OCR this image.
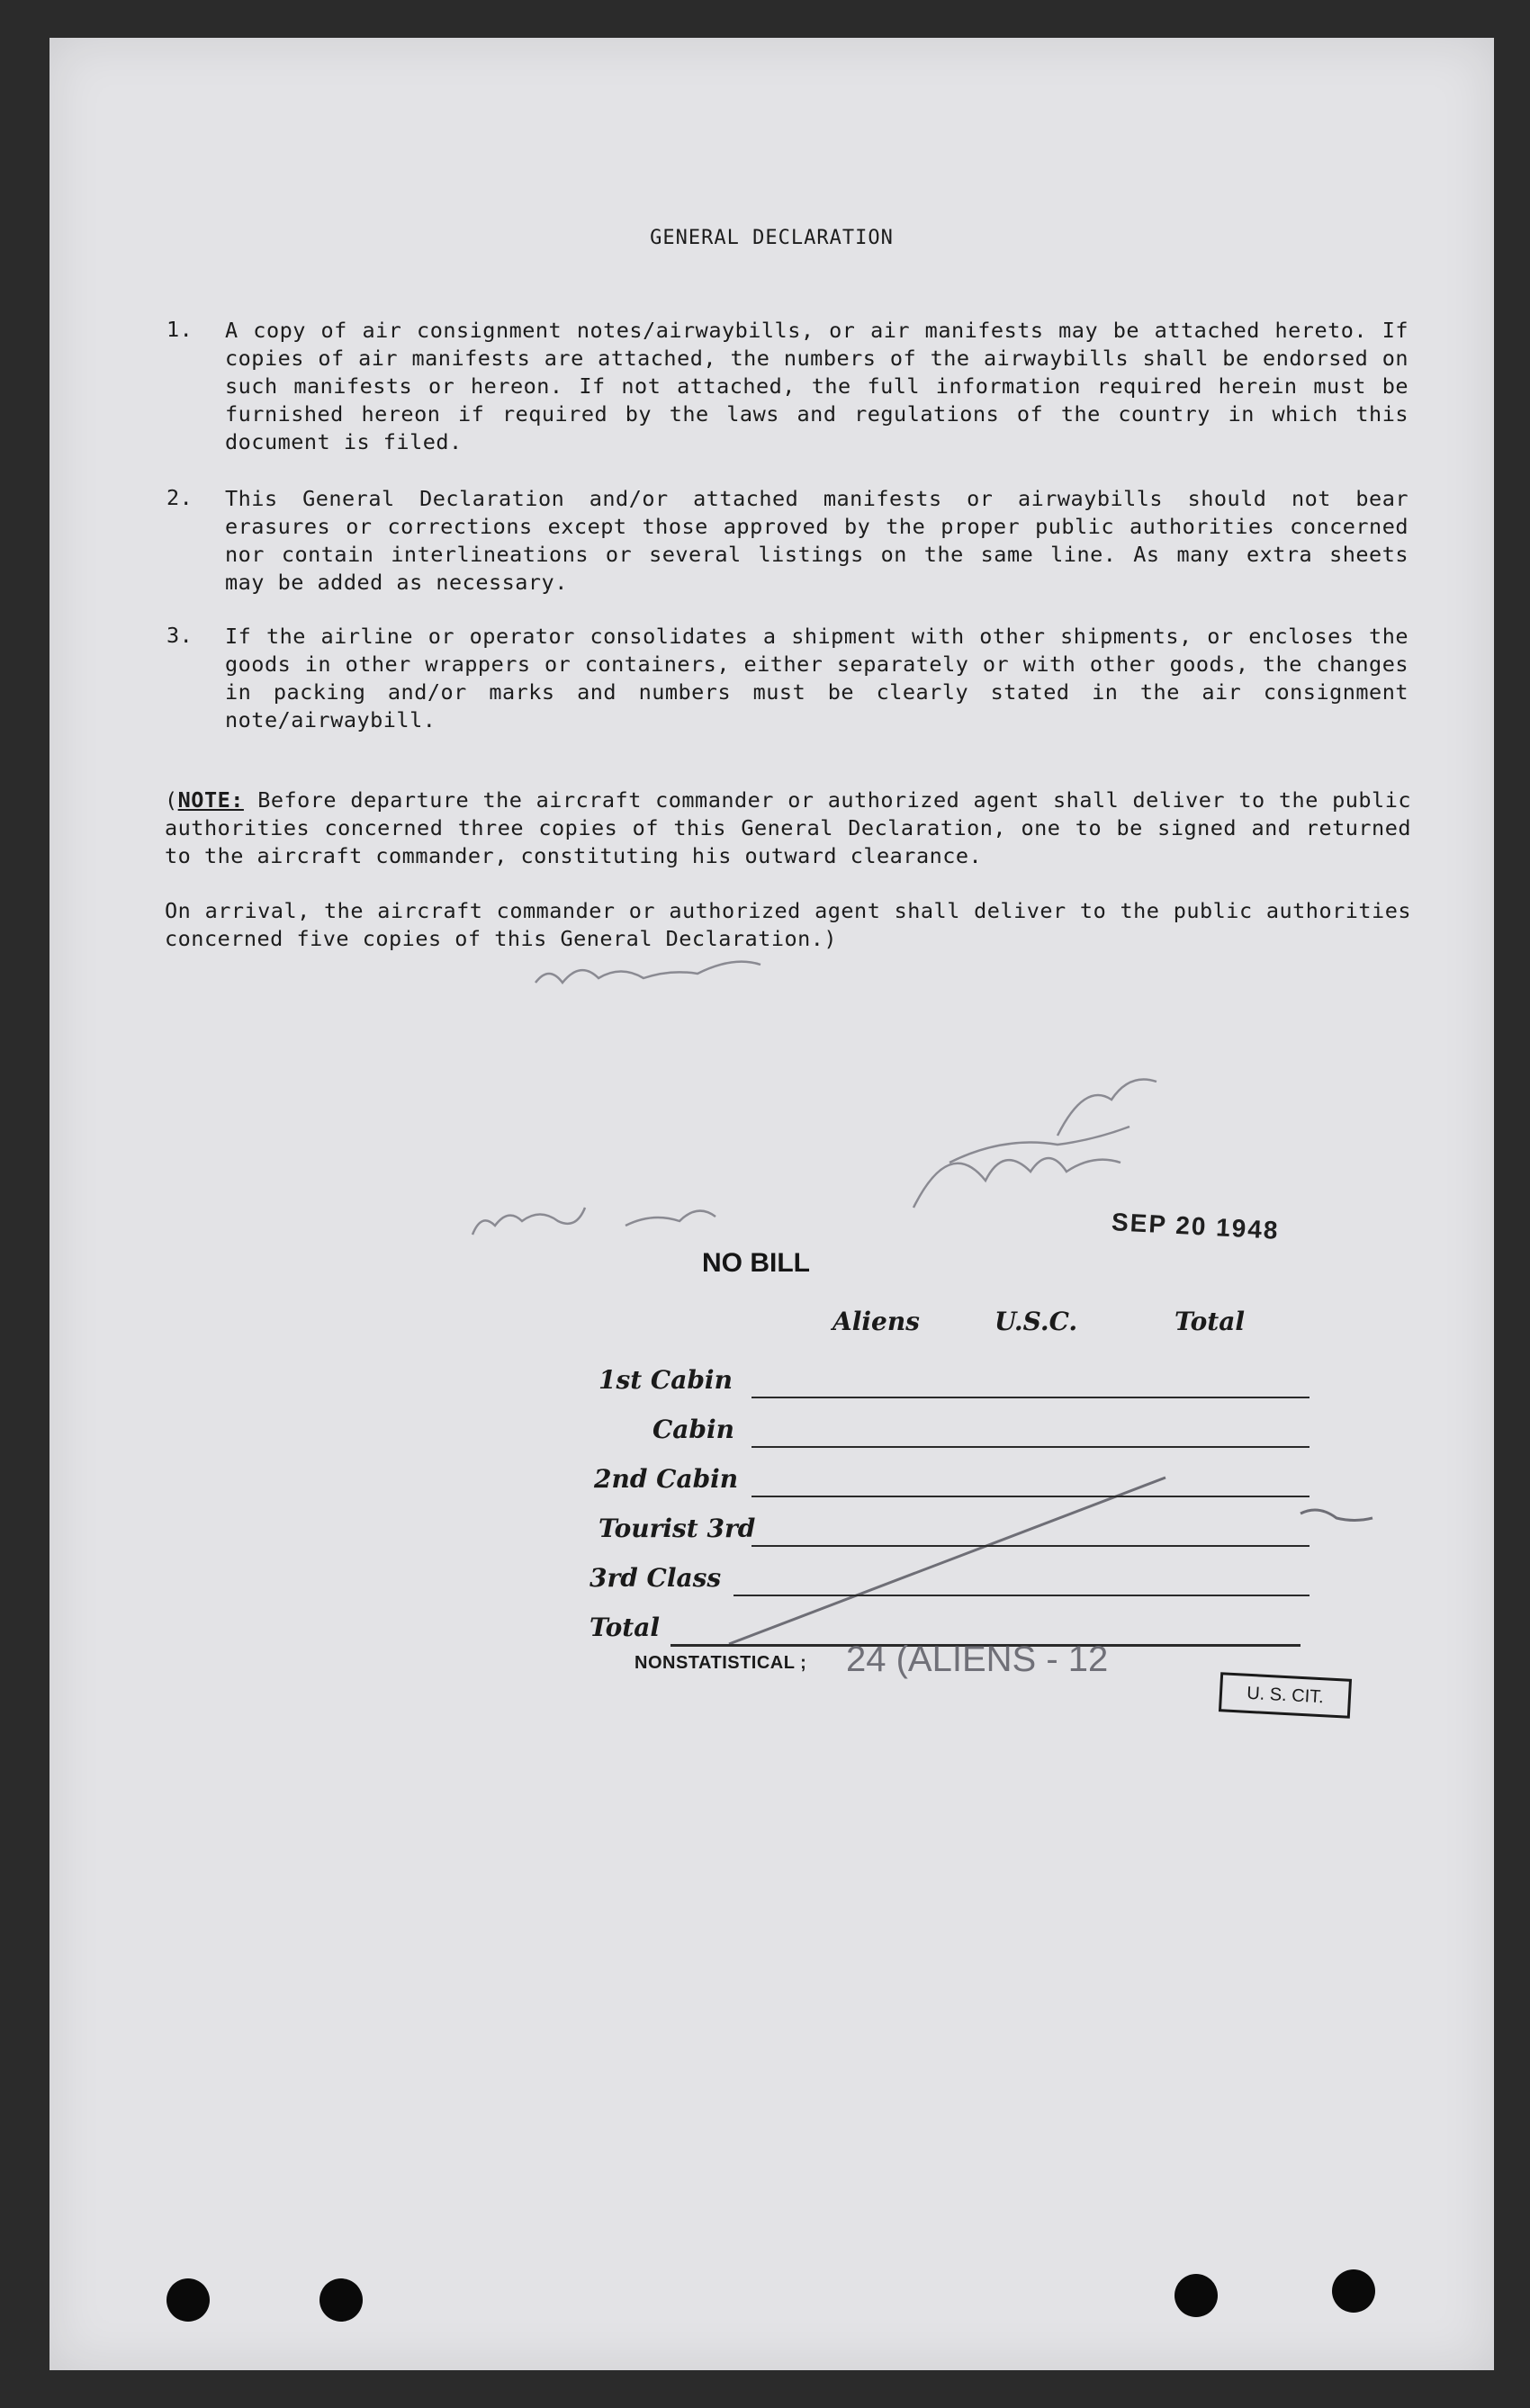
GENERAL DECLARATION
1. A copy of air consignment notes/airwaybills, or air manifests may be attached hereto. If copies of air manifests are attached, the numbers of the airwaybills shall be endorsed on such manifests or hereon. If not attached, the full information required herein must be furnished hereon if required by the laws and regulations of the country in which this document is filed.

2. This General Declaration and/or attached manifests or airwaybills should not bear erasures or corrections except those approved by the proper public authorities concerned nor contain interlineations or several listings on the same line. As many extra sheets may be added as necessary.

3. If the airline or operator consolidates a shipment with other shipments, or encloses the goods in other wrappers or containers, either separately or with other goods, the changes in packing and/or marks and numbers must be clearly stated in the air consignment note/airwaybill.

(NOTE: Before departure the aircraft commander or authorized agent shall deliver to the public authorities concerned three copies of this General Declaration, one to be signed and returned to the aircraft commander, constituting his outward clearance.

On arrival, the aircraft commander or authorized agent shall deliver to the public authorities concerned five copies of this General Declaration.)

SEP 20 1948
NO BILL
Aliens	U.S.C.	Total
1st Cabin
Cabin
2nd Cabin
Tourist 3rd
3rd Class
Total
NONSTATISTICAL ; 24 (ALIENS - 12
U. S. CIT.
